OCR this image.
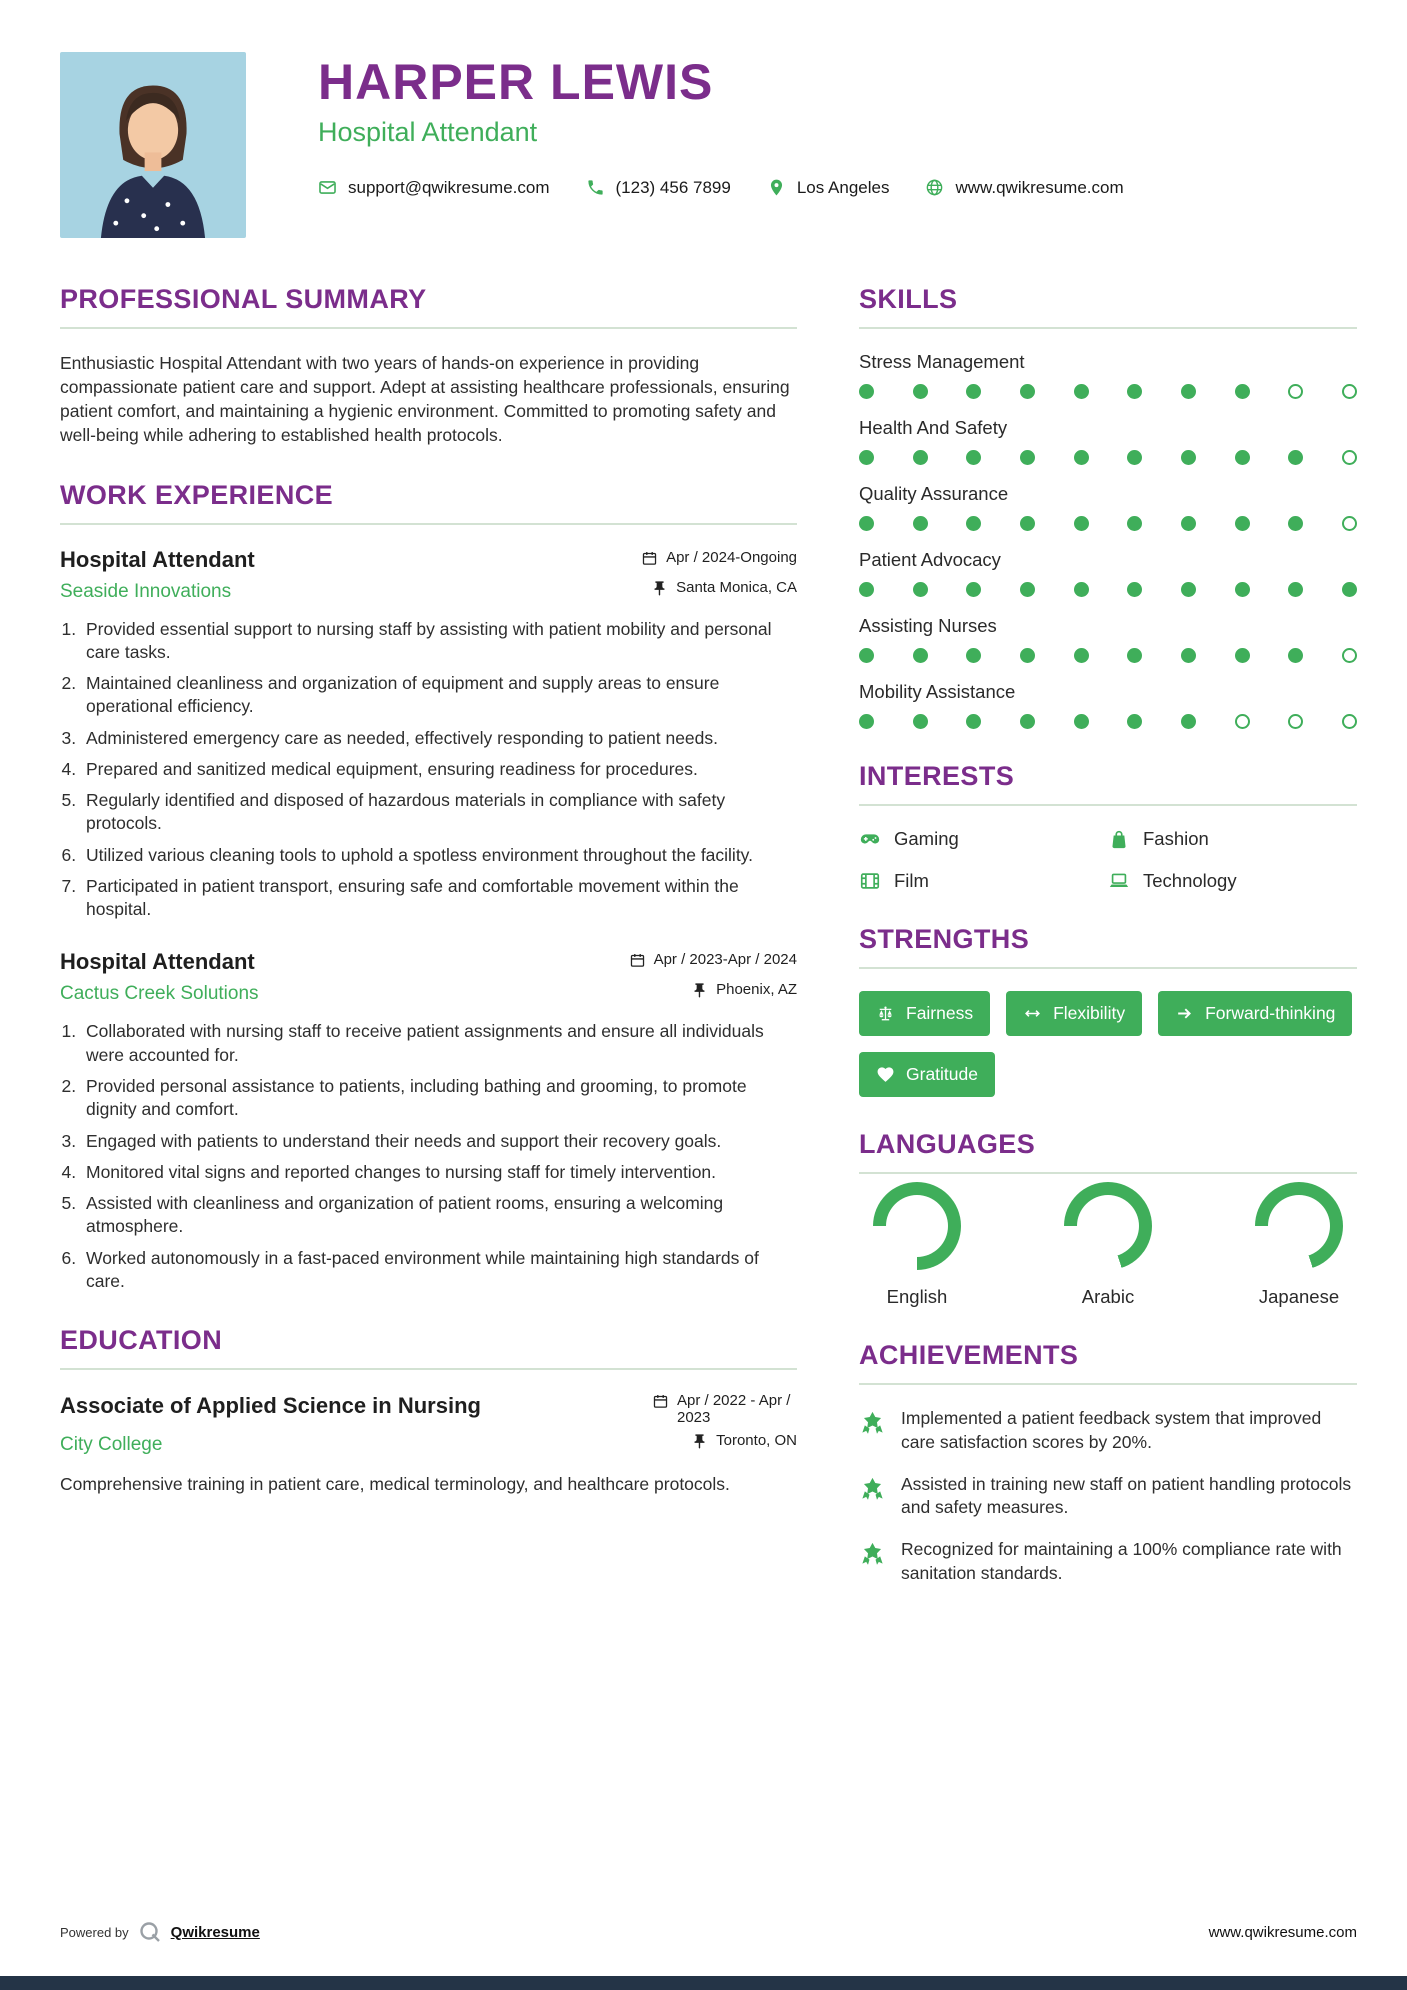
HARPER LEWIS
Hospital Attendant
support@qwikresume.com	(123) 456 7899	Los Angeles	www.qwikresume.com
PROFESSIONAL SUMMARY

Enthusiastic Hospital Attendant with two years of hands-on experience in providing compassionate patient care and support. Adept at assisting healthcare professionals, ensuring patient comfort, and maintaining a hygienic environment. Committed to promoting safety and well-being while adhering to established health protocols.

WORK EXPERIENCE
Hospital Attendant	Apr / 2024-Ongoing
Seaside Innovations	Santa Monica, CA
1. Provided essential support to nursing staff by assisting with patient mobility and personal care tasks.
2. Maintained cleanliness and organization of equipment and supply areas to ensure operational efficiency.
3. Administered emergency care as needed, effectively responding to patient needs.
4. Prepared and sanitized medical equipment, ensuring readiness for procedures.
5. Regularly identified and disposed of hazardous materials in compliance with safety protocols.
6. Utilized various cleaning tools to uphold a spotless environment throughout the facility.
7. Participated in patient transport, ensuring safe and comfortable movement within the hospital.
Hospital Attendant	Apr / 2023-Apr / 2024
Cactus Creek Solutions	Phoenix, AZ
1. Collaborated with nursing staff to receive patient assignments and ensure all individuals were accounted for.
2. Provided personal assistance to patients, including bathing and grooming, to promote dignity and comfort.
3. Engaged with patients to understand their needs and support their recovery goals.
4. Monitored vital signs and reported changes to nursing staff for timely intervention.
5. Assisted with cleanliness and organization of patient rooms, ensuring a welcoming atmosphere.
6. Worked autonomously in a fast-paced environment while maintaining high standards of care.
EDUCATION
Associate of Applied Science in Nursing	Apr / 2022 - Apr / 2023
City College	Toronto, ON

Comprehensive training in patient care, medical terminology, and healthcare protocols.

SKILLS
Stress Management
Health And Safety
Quality Assurance
Patient Advocacy
Assisting Nurses
Mobility Assistance
INTERESTS
Gaming	Fashion
Film	Technology
STRENGTHS
Fairness	Flexibility	Forward-thinking
Gratitude
LANGUAGES
English	Arabic	Japanese
ACHIEVEMENTS

Implemented a patient feedback system that improved care satisfaction scores by 20%.

Assisted in training new staff on patient handling protocols and safety measures.

Recognized for maintaining a 100% compliance rate with sanitation standards.

Powered by	Qwikresume	www.qwikresume.com
